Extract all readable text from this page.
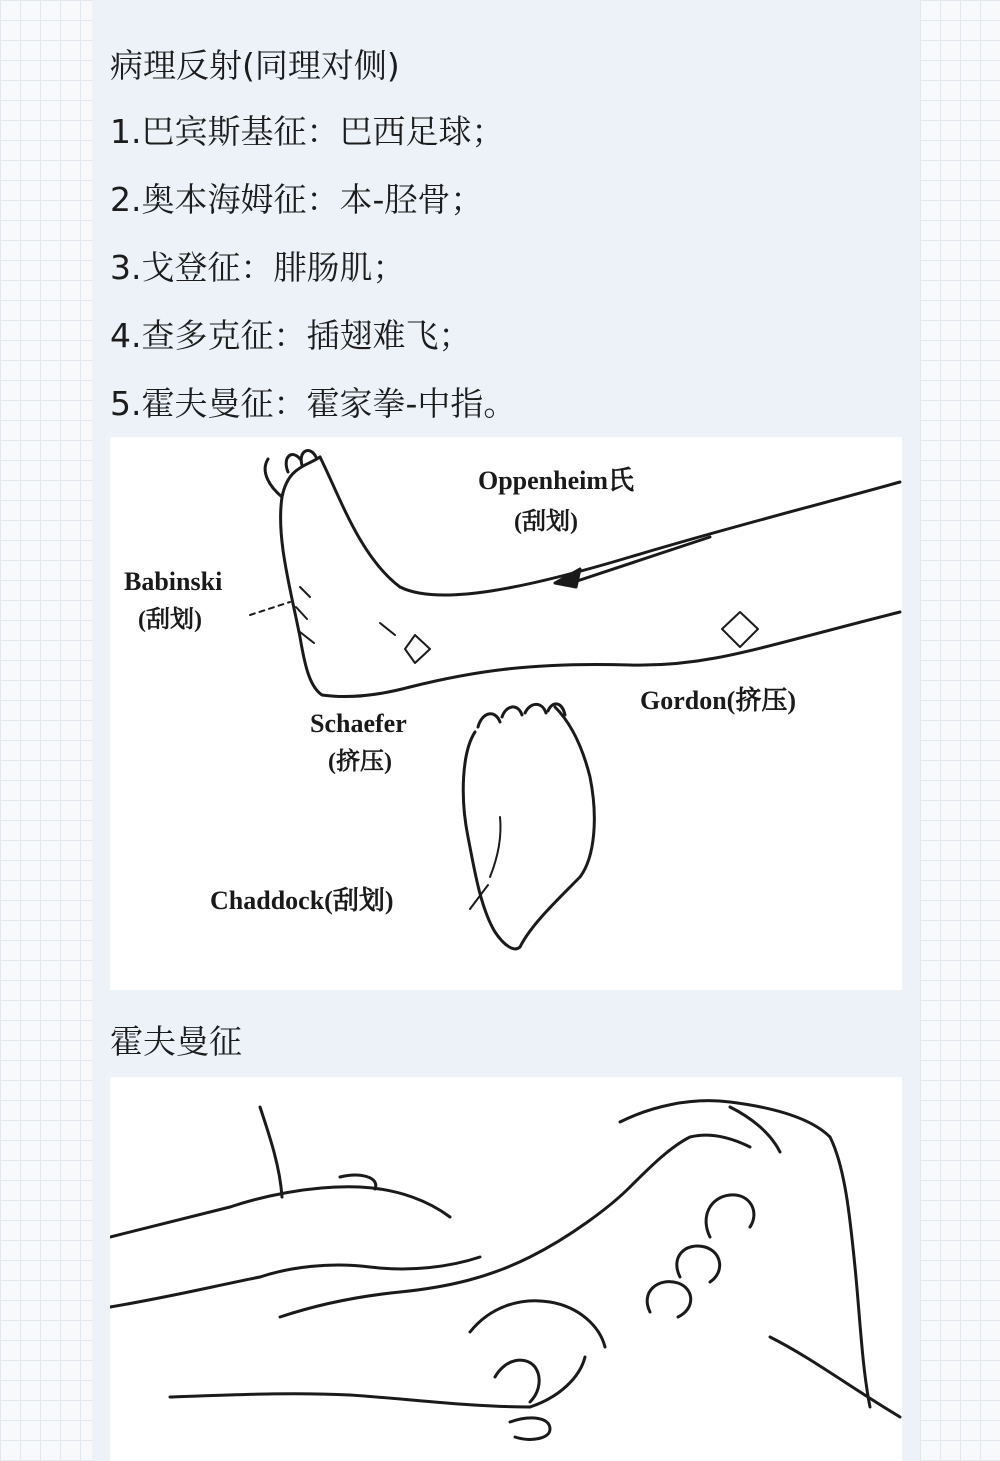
病理反射(同理对侧)
1.巴宾斯基征：巴西足球；
2.奥本海姆征：本-胫骨；
3.戈登征：腓肠肌；
4.查多克征：插翅难飞；
5.霍夫曼征：霍家拳-中指。
Oppenheim氏
(刮划)
Babinski
(刮划)
Schaefer
(挤压)
Gordon(挤压)
Chaddock(刮划)
霍夫曼征
